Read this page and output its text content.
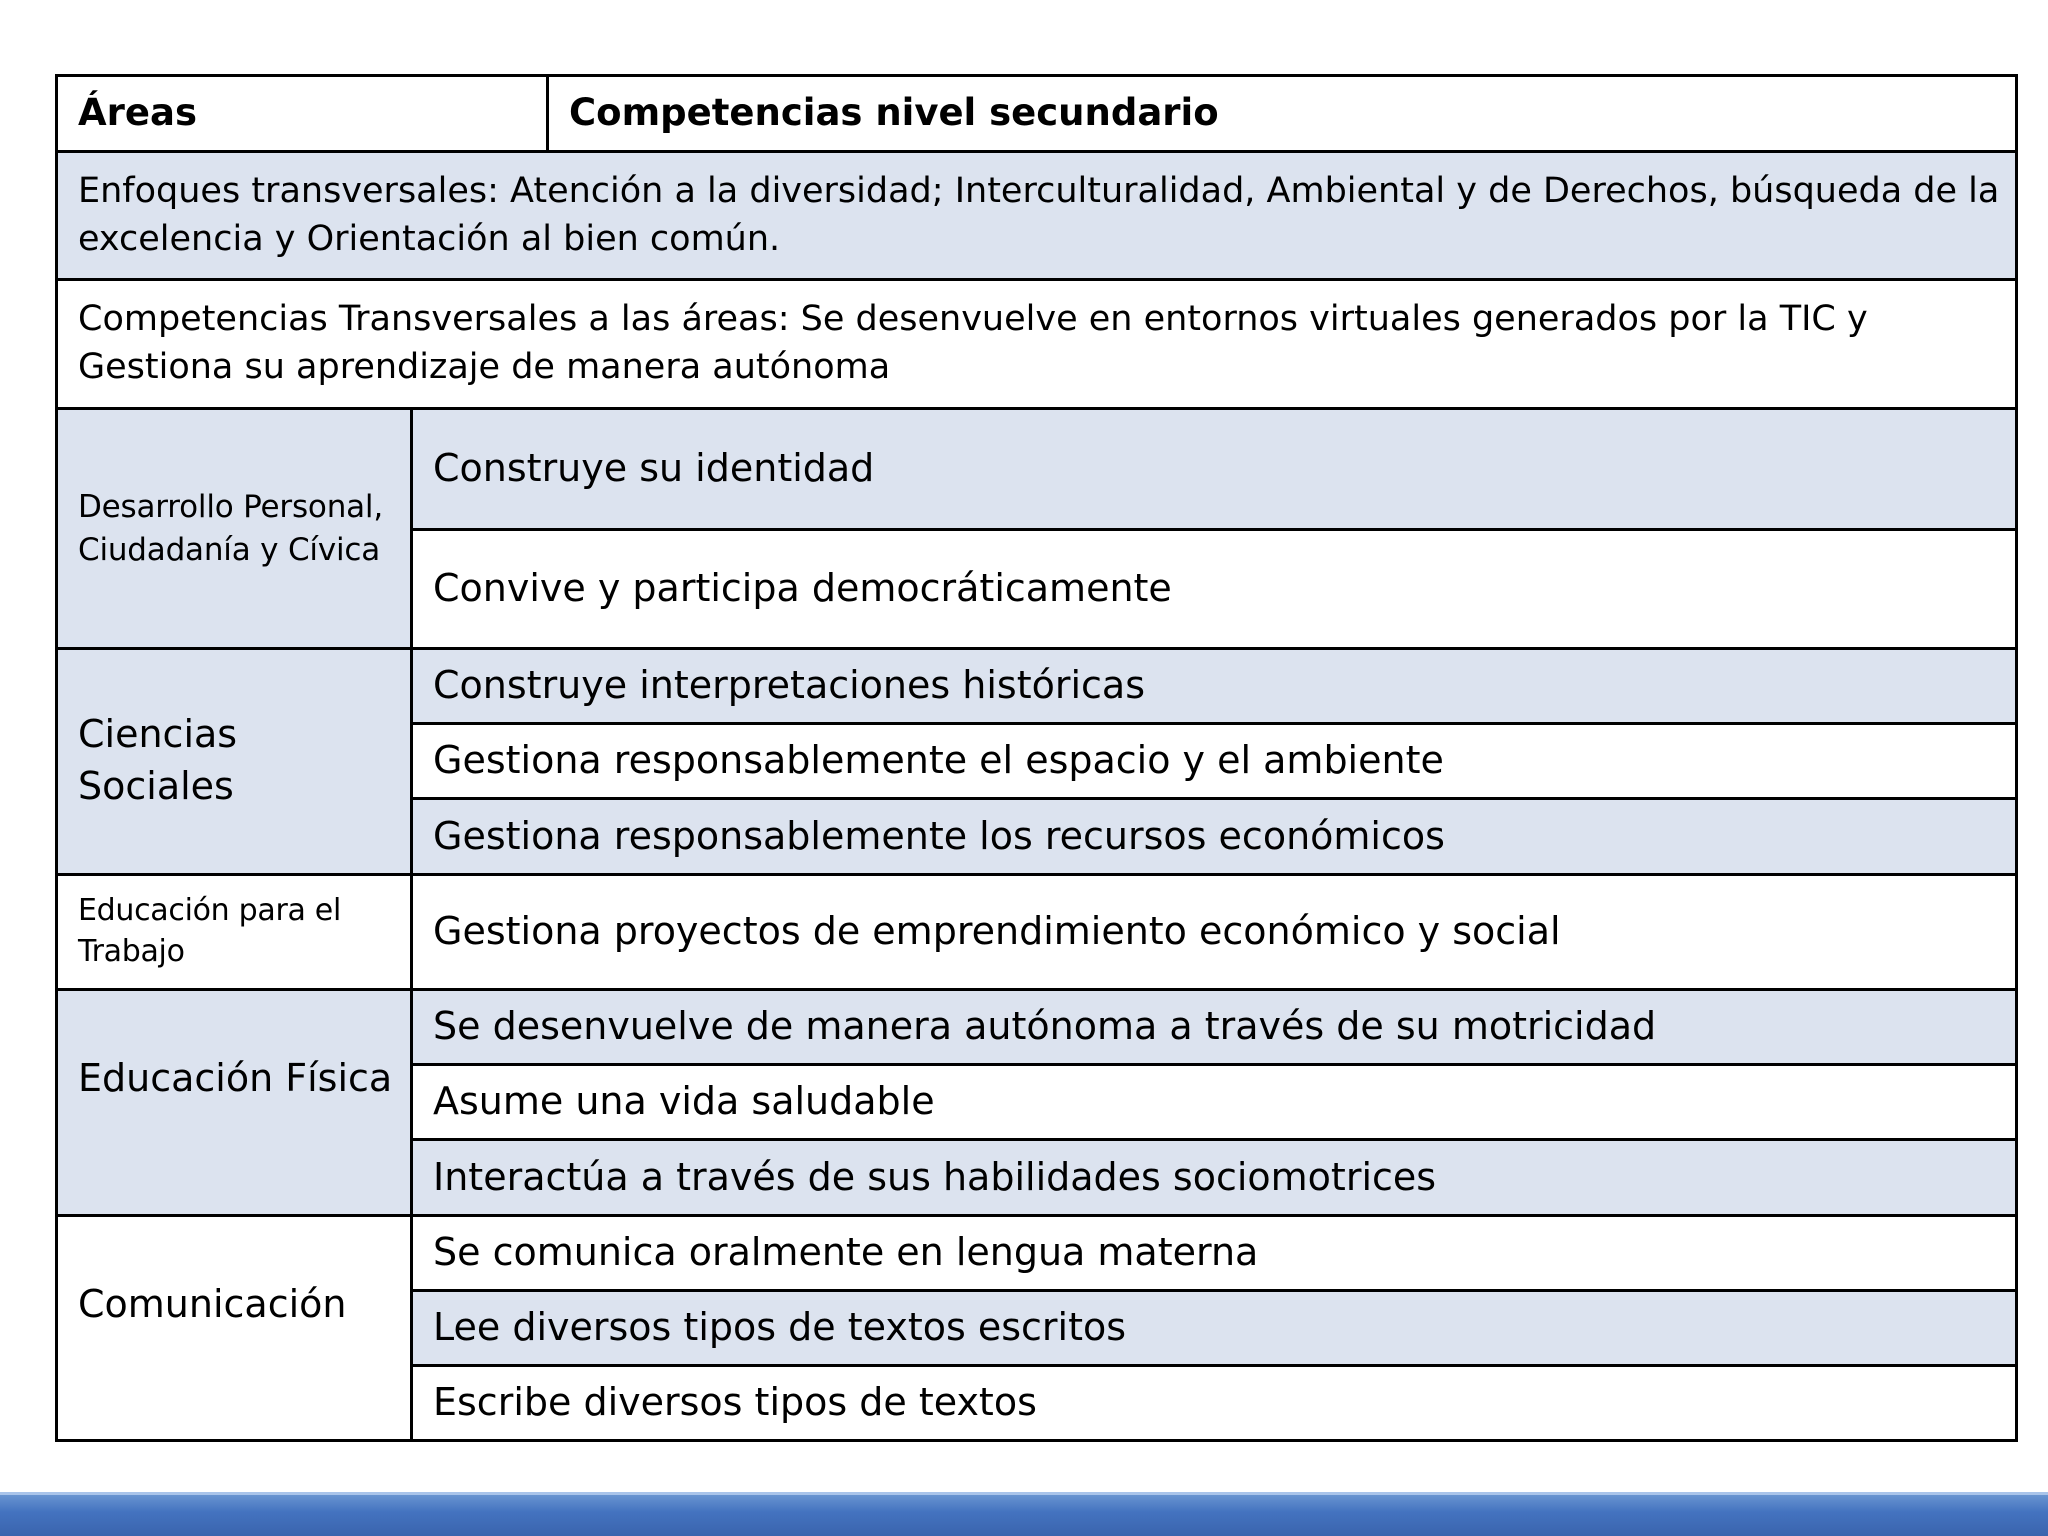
Áreas	Competencias nivel secundario
Enfoques transversales: Atención a la diversidad; Interculturalidad, Ambiental y de Derechos, búsqueda de la excelencia y Orientación al bien común.
Competencias Transversales a las áreas: Se desenvuelve en entornos virtuales generados por la TIC y Gestiona su aprendizaje de manera autónoma
Desarrollo Personal, Ciudadanía y Cívica
Construye su identidad
Convive y participa democráticamente
Ciencias Sociales
Construye interpretaciones históricas
Gestiona responsablemente el espacio y el ambiente
Gestiona responsablemente los recursos económicos
Educación para el Trabajo	Gestiona proyectos de emprendimiento económico y social
Educación Física
Se desenvuelve de manera autónoma a través de su motricidad
Asume una vida saludable
Interactúa a través de sus habilidades sociomotrices
Comunicación
Se comunica oralmente en lengua materna
Lee diversos tipos de textos escritos
Escribe diversos tipos de textos
